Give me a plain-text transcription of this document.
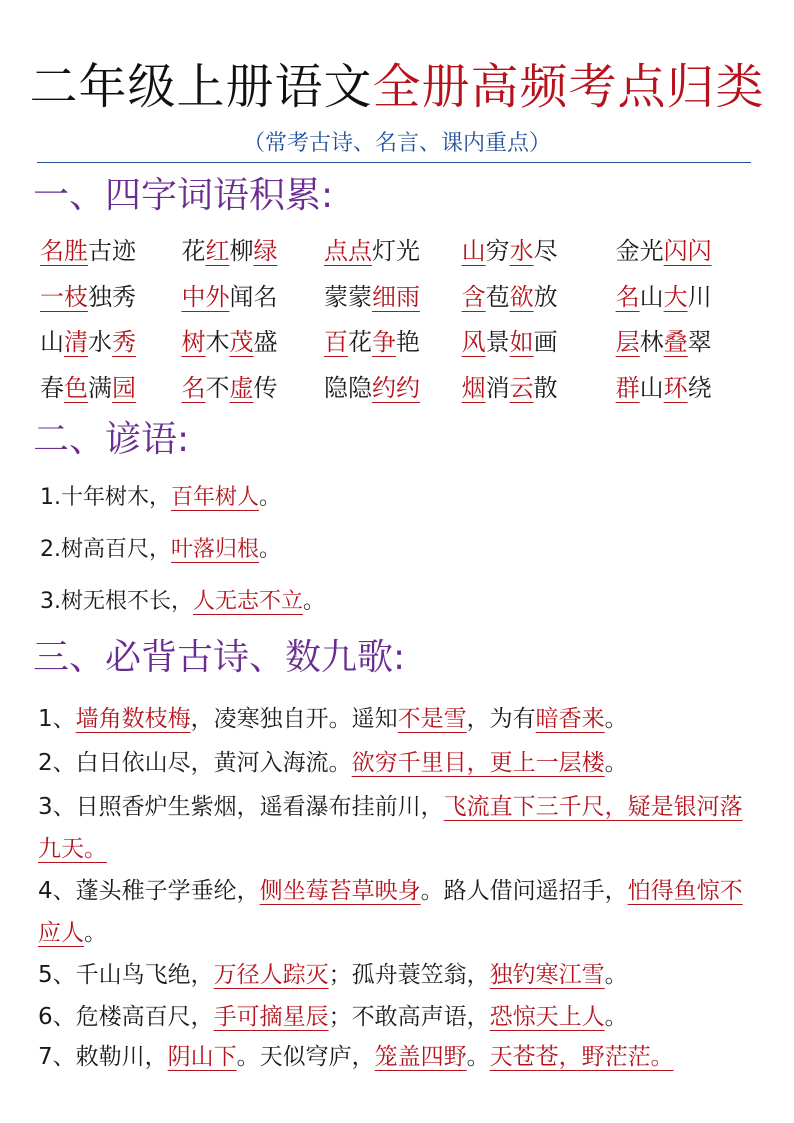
二年级上册语文全册高频考点归类
（常考古诗、名言、课内重点）
一、四字词语积累:
名胜古迹	花红柳绿	点点灯光	山穷水尽	金光闪闪
一枝独秀	中外闻名	蒙蒙细雨	含苞欲放	名山大川
山清水秀	树木茂盛	百花争艳	风景如画	层林叠翠
春色满园	名不虚传	隐隐约约	烟消云散	群山环绕
二、谚语:
1.十年树木，百年树人。
2.树高百尺，叶落归根。
3.树无根不长，人无志不立。
三、必背古诗、数九歌:
1、墙角数枝梅，凌寒独自开。遥知不是雪，为有暗香来。
2、白日依山尽，黄河入海流。欲穷千里目，更上一层楼。
3、日照香炉生紫烟，遥看瀑布挂前川，飞流直下三千尺，疑是银河落九天。
4、蓬头稚子学垂纶，侧坐莓苔草映身。路人借问遥招手，怕得鱼惊不应人。
5、千山鸟飞绝，万径人踪灭；孤舟蓑笠翁，独钓寒江雪。
6、危楼高百尺，手可摘星辰；不敢高声语，恐惊天上人。
7、敕勒川，阴山下。天似穹庐，笼盖四野。天苍苍，野茫茫。
